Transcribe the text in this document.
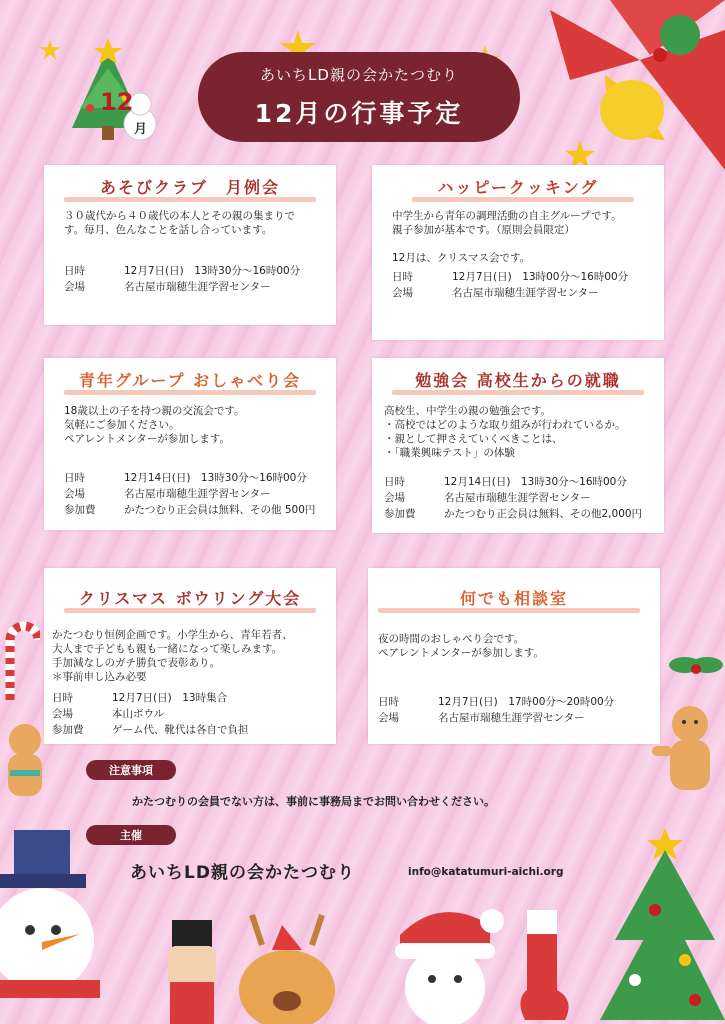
12
月
あいちLD親の会かたつむり
12月の行事予定
あそびクラブ　月例会
３０歳代から４０歳代の本人とその親の集まりで
す。毎月、色んなことを話し合っています。
日時	12月7日(日)　13時30分～16時00分
会場	名古屋市瑞穂生涯学習センター
ハッピークッキング
中学生から青年の調理活動の自主グループです。
親子参加が基本です。（原則会員限定）

12月は、クリスマス会です。
日時	12月7日(日)　13時00分～16時00分
会場	名古屋市瑞穂生涯学習センター
青年グループ おしゃべり会
18歳以上の子を持つ親の交流会です。
気軽にご参加ください。
ペアレントメンターが参加します。
日時	12月14日(日)　13時30分～16時00分
会場	名古屋市瑞穂生涯学習センター
参加費	かたつむり正会員は無料、その他 500円
勉強会 高校生からの就職
高校生、中学生の親の勉強会です。
・高校ではどのような取り組みが行われているか。
・親として押さえていくべきことは、
・「職業興味テスト」の体験
日時	12月14日(日)　13時30分～16時00分
会場	名古屋市瑞穂生涯学習センター
参加費	かたつむり正会員は無料、その他2,000円
クリスマス ボウリング大会
かたつむり恒例企画です。小学生から、青年若者、
大人まで子どもも親も一緒になって楽しみます。
手加減なしのガチ勝負で表彰あり。
＊事前申し込み必要
日時	12月7日(日)　13時集合
会場	本山ボウル
参加費	ゲーム代、靴代は各自で負担
何でも相談室
夜の時間のおしゃべり会です。
ペアレントメンターが参加します。
日時	12月7日(日)　17時00分～20時00分
会場	名古屋市瑞穂生涯学習センター
注意事項
かたつむりの会員でない方は、事前に事務局までお問い合わせください。
主催
あいちLD親の会かたつむり	info@katatumuri-aichi.org
